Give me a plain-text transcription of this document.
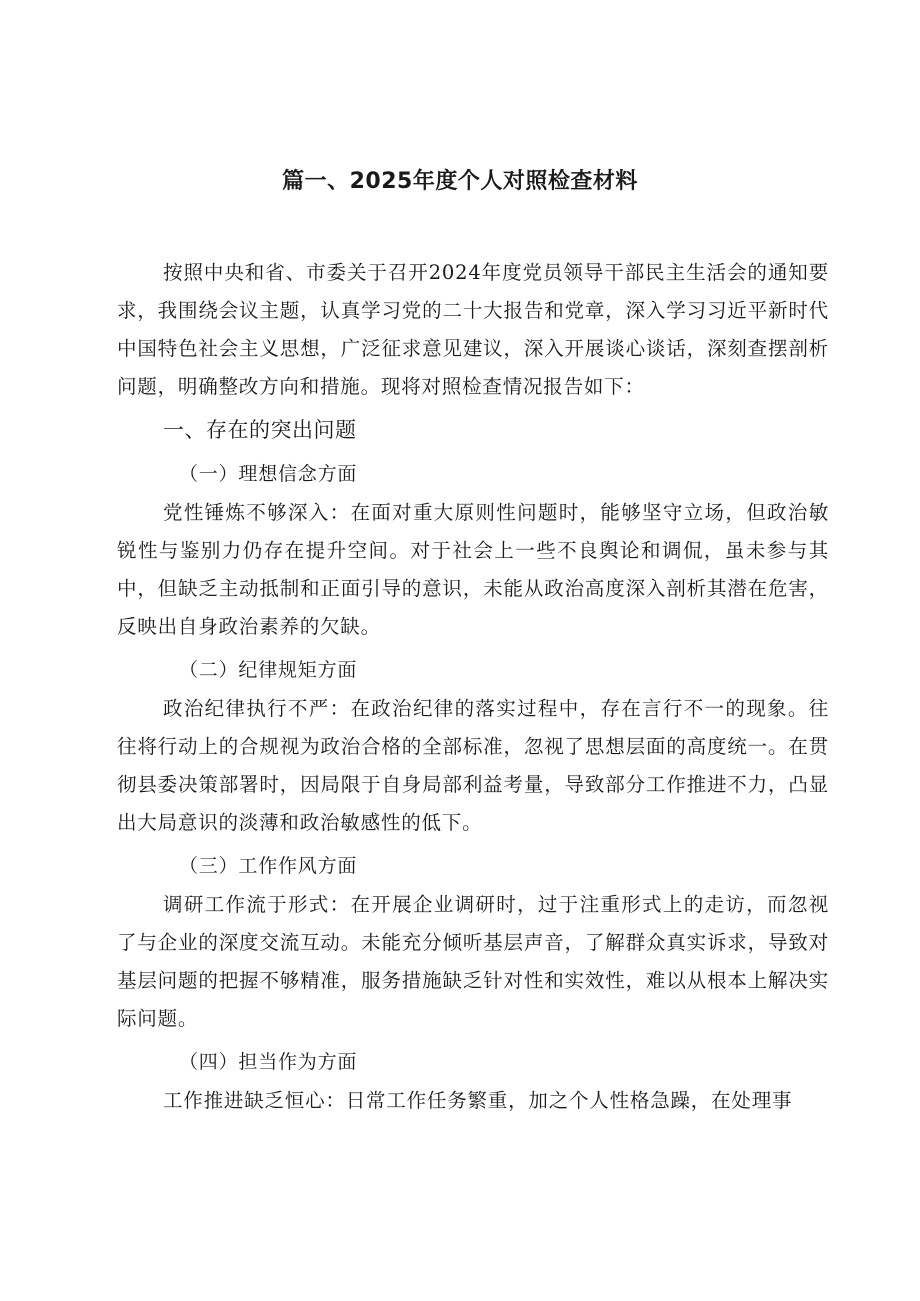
篇一、2025年度个人对照检查材料

按照中央和省、市委关于召开2024年度党员领导干部民主生活会的通知要求，我围绕会议主题，认真学习党的二十大报告和党章，深入学习习近平新时代中国特色社会主义思想，广泛征求意见建议，深入开展谈心谈话，深刻查摆剖析问题，明确整改方向和措施。现将对照检查情况报告如下：

一、存在的突出问题
（一）理想信念方面

党性锤炼不够深入：在面对重大原则性问题时，能够坚守立场，但政治敏锐性与鉴别力仍存在提升空间。对于社会上一些不良舆论和调侃，虽未参与其中，但缺乏主动抵制和正面引导的意识，未能从政治高度深入剖析其潜在危害，反映出自身政治素养的欠缺。

（二）纪律规矩方面

政治纪律执行不严：在政治纪律的落实过程中，存在言行不一的现象。往往将行动上的合规视为政治合格的全部标准，忽视了思想层面的高度统一。在贯彻县委决策部署时，因局限于自身局部利益考量，导致部分工作推进不力，凸显出大局意识的淡薄和政治敏感性的低下。

（三）工作作风方面

调研工作流于形式：在开展企业调研时，过于注重形式上的走访，而忽视了与企业的深度交流互动。未能充分倾听基层声音，了解群众真实诉求，导致对基层问题的把握不够精准，服务措施缺乏针对性和实效性，难以从根本上解决实际问题。

（四）担当作为方面

工作推进缺乏恒心：日常工作任务繁重，加之个人性格急躁，在处理事
